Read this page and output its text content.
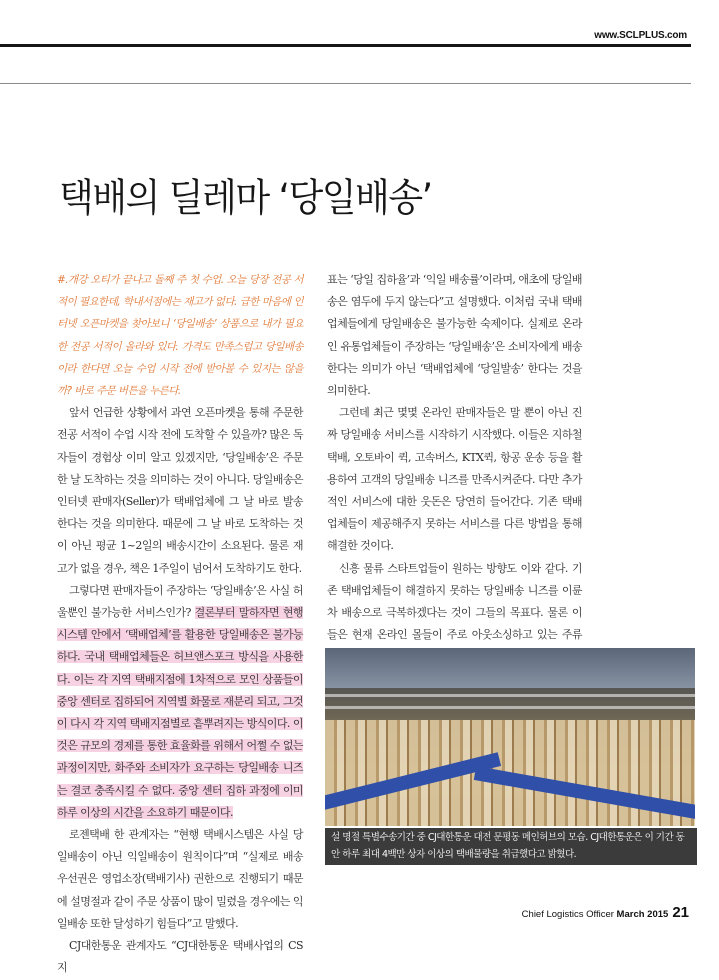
www.SCLPLUS.com
택배의 딜레마 ‘당일배송’

#.개강 오티가 끝나고 돌째 주 첫 수업. 오늘 당장 전공 서적이 필요한데, 학내서점에는 재고가 없다. 급한 마음에 인터넷 오픈마켓을 찾아보니 ‘당일배송’ 상품으로 내가 필요한 전공 서적이 올라와 있다. 가격도 만족스럽고 당일배송이라 한다면 오늘 수업 시작 전에 받아볼 수 있지는 않을까? 바로 주문 버튼을 누른다.

앞서 언급한 상황에서 과연 오픈마켓을 통해 주문한 전공 서적이 수업 시작 전에 도착할 수 있을까? 많은 독자들이 경험상 이미 알고 있겠지만, ‘당일배송’은 주문한 날 도착하는 것을 의미하는 것이 아니다. 당일배송은 인터넷 판매자(Seller)가 택배업체에 그 날 바로 발송한다는 것을 의미한다. 때문에 그 날 바로 도착하는 것이 아닌 평균 1~2일의 배송시간이 소요된다. 물론 재고가 없을 경우, 책은 1주일이 넘어서 도착하기도 한다.

그렇다면 판매자들이 주장하는 ‘당일배송’은 사실 허울뿐인 불가능한 서비스인가? 결론부터 말하자면 현행 시스템 안에서 ‘택배업체’를 활용한 당일배송은 불가능하다. 국내 택배업체들은 허브앤스포크 방식을 사용한다. 이는 각 지역 택배지점에 1차적으로 모인 상품들이 중앙 센터로 집하되어 지역별 화물로 재분리 되고, 그것이 다시 각 지역 택배지점별로 흩뿌려지는 방식이다. 이것은 규모의 경제를 통한 효율화를 위해서 어쩔 수 없는 과정이지만, 화주와 소비자가 요구하는 당일배송 니즈는 결코 충족시킬 수 없다. 중앙 센터 집하 과정에 이미 하루 이상의 시간을 소요하기 때문이다.

로젠택배 한 관계자는 “현행 택배시스템은 사실 당일배송이 아닌 익일배송이 원칙이다”며 “실제로 배송 우선권은 영업소장(택배기사) 권한으로 진행되기 때문에 설명절과 같이 주문 상품이 많이 밀렸을 경우에는 익일배송 또한 달성하기 힘들다”고 말했다.

CJ대한통운 관계자도 “CJ대한통운 택배사업의 CS지

표는 ‘당일 집하율’과 ‘익일 배송률’이라며, 애초에 당일배송은 염두에 두지 않는다”고 설명했다. 이처럼 국내 택배업체들에게 당일배송은 불가능한 숙제이다. 실제로 온라인 유통업체들이 주장하는 ‘당일배송’은 소비자에게 배송한다는 의미가 아닌 ‘택배업체에 ‘당일발송’ 한다는 것을 의미한다.

그런데 최근 몇몇 온라인 판매자들은 말 뿐이 아닌 진짜 당일배송 서비스를 시작하기 시작했다. 이들은 지하철택배, 오토바이 퀵, 고속버스, KTX퀵, 항공 운송 등을 활용하여 고객의 당일배송 니즈를 만족시켜준다. 다만 추가적인 서비스에 대한 웃돈은 당연히 들어간다. 기존 택배업체들이 제공해주지 못하는 서비스를 다른 방법을 통해 해결한 것이다.

신흥 물류 스타트업들이 원하는 방향도 이와 같다. 기존 택배업체들이 해결하지 못하는 당일배송 니즈를 이륜차 배송으로 극복하겠다는 것이 그들의 목표다. 물론 이들은 현재 온라인 몰들이 주로 아웃소싱하고 있는 주류

설 명절 특별수송기간 중 CJ대한통운 대전 문평동 메인허브의 모습. CJ대한통운은 이 기간 동안 하루 최대 4백만 상자 이상의 택배물량을 취급했다고 밝혔다.
Chief Logistics Officer March 2015 21
